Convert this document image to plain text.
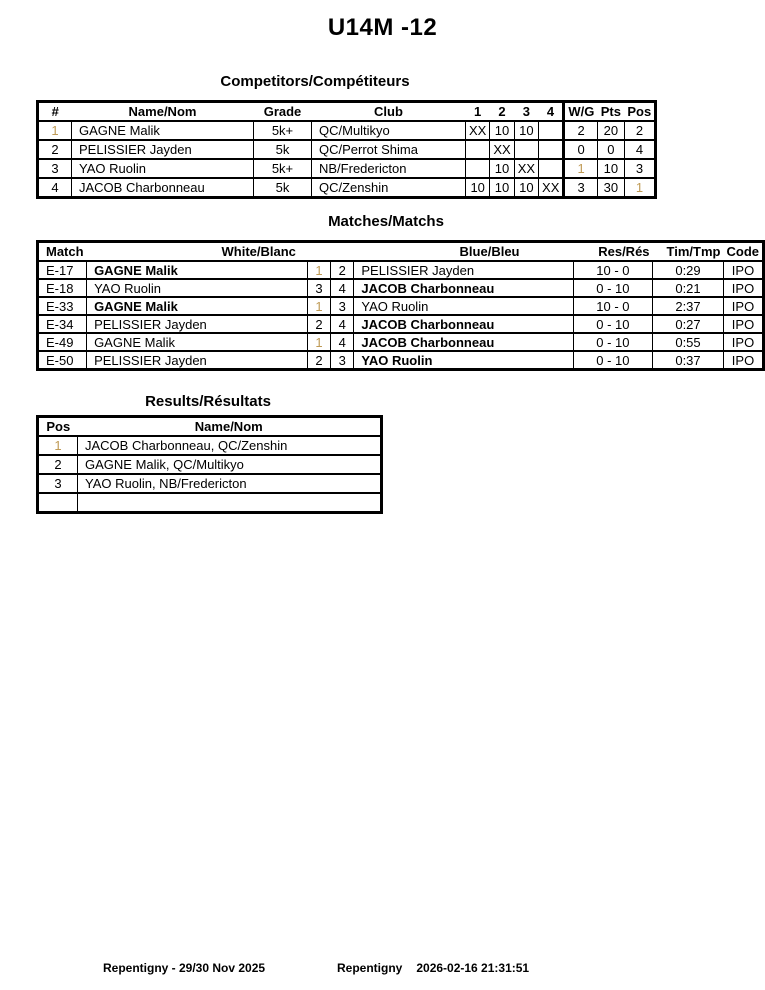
U14M -12
Competitors/Compétiteurs
#	Name/Nom	Grade	Club	1	2	3	4	W/G	Pts	Pos
1	GAGNE Malik	5k+	QC/Multikyo	XX	10	10		2	20	2
2	PELISSIER Jayden	5k	QC/Perrot Shima		XX			0	0	4
3	YAO Ruolin	5k+	NB/Fredericton		10	XX		1	10	3
4	JACOB Charbonneau	5k	QC/Zenshin	10	10	10	XX	3	30	1
Matches/Matchs
Match	White/Blanc			Blue/Bleu	Res/Rés	Tim/Tmp	Code
E-17	GAGNE Malik	1	2	PELISSIER Jayden	10 - 0	0:29	IPO
E-18	YAO Ruolin	3	4	JACOB Charbonneau	0 - 10	0:21	IPO
E-33	GAGNE Malik	1	3	YAO Ruolin	10 - 0	2:37	IPO
E-34	PELISSIER Jayden	2	4	JACOB Charbonneau	0 - 10	0:27	IPO
E-49	GAGNE Malik	1	4	JACOB Charbonneau	0 - 10	0:55	IPO
E-50	PELISSIER Jayden	2	3	YAO Ruolin	0 - 10	0:37	IPO
Results/Résultats
Pos	Name/Nom
1	JACOB Charbonneau, QC/Zenshin
2	GAGNE Malik, QC/Multikyo
3	YAO Ruolin, NB/Fredericton

Repentigny - 29/30 Nov 2025	Repentigny 2026-02-16 21:31:51
